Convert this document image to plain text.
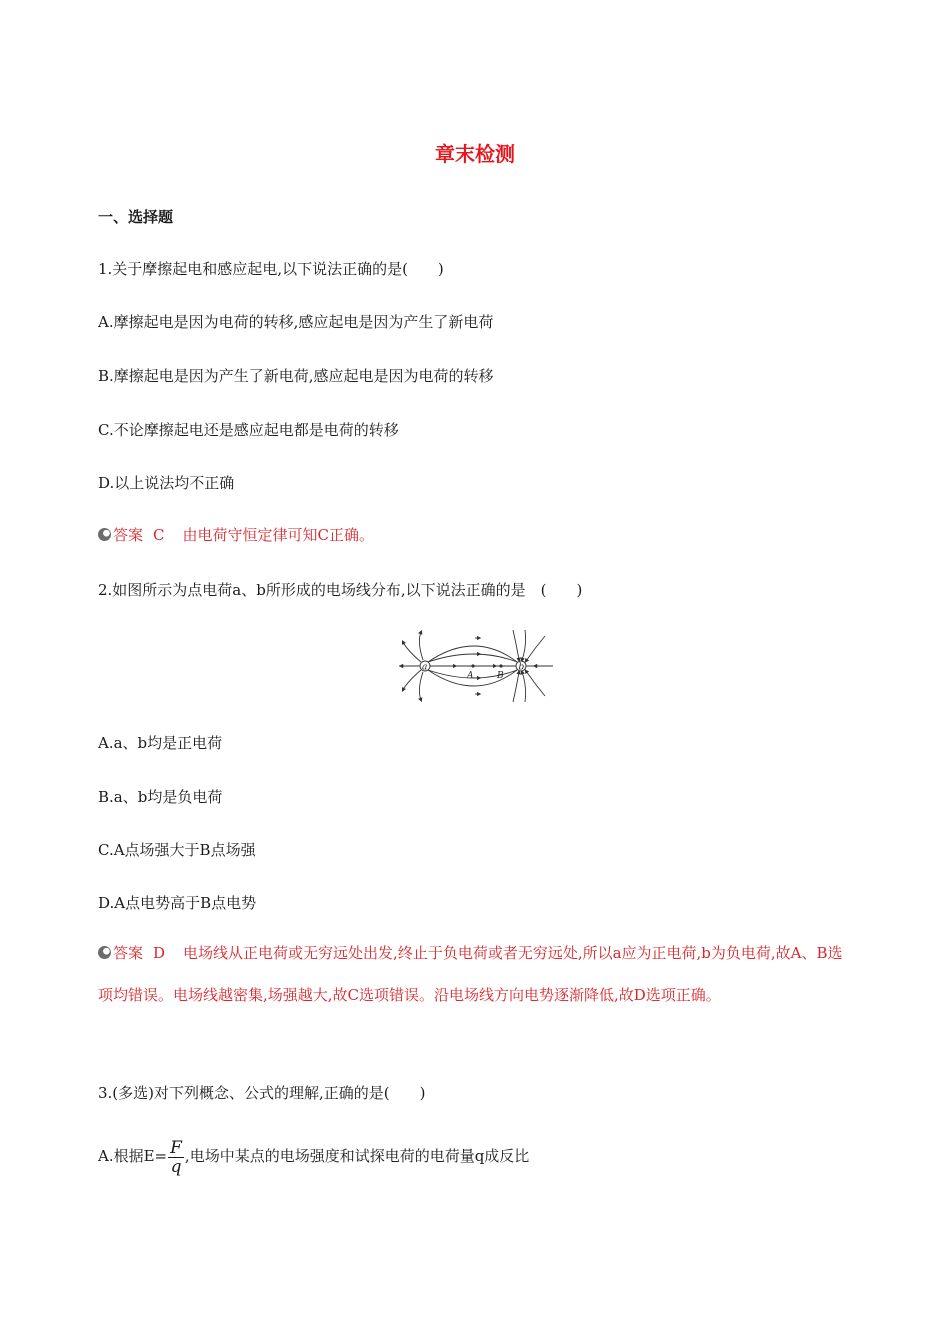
章末检测
一、选择题
1.关于摩擦起电和感应起电,以下说法正确的是(　　)
A.摩擦起电是因为电荷的转移,感应起电是因为产生了新电荷
B.摩擦起电是因为产生了新电荷,感应起电是因为电荷的转移
C.不论摩擦起电还是感应起电都是电荷的转移
D.以上说法均不正确
答案 C 由电荷守恒定律可知C正确。
2.如图所示为点电荷a、b所形成的电场线分布,以下说法正确的是　(　　)
a	b
A	B
A.a、b均是正电荷
B.a、b均是负电荷
C.A点场强大于B点场强
D.A点电势高于B点电势
答案 D 电场线从正电荷或无穷远处出发,终止于负电荷或者无穷远处,所以a应为正电荷,b为负电荷,故A、B选项均错误。电场线越密集,场强越大,故C选项错误。沿电场线方向电势逐渐降低,故D选项正确。
3.(多选)对下列概念、公式的理解,正确的是(　　)
A.根据$E= \frac{F}{q}$ ,电场中某点的电场强度和试探电荷的电荷量q成反比
